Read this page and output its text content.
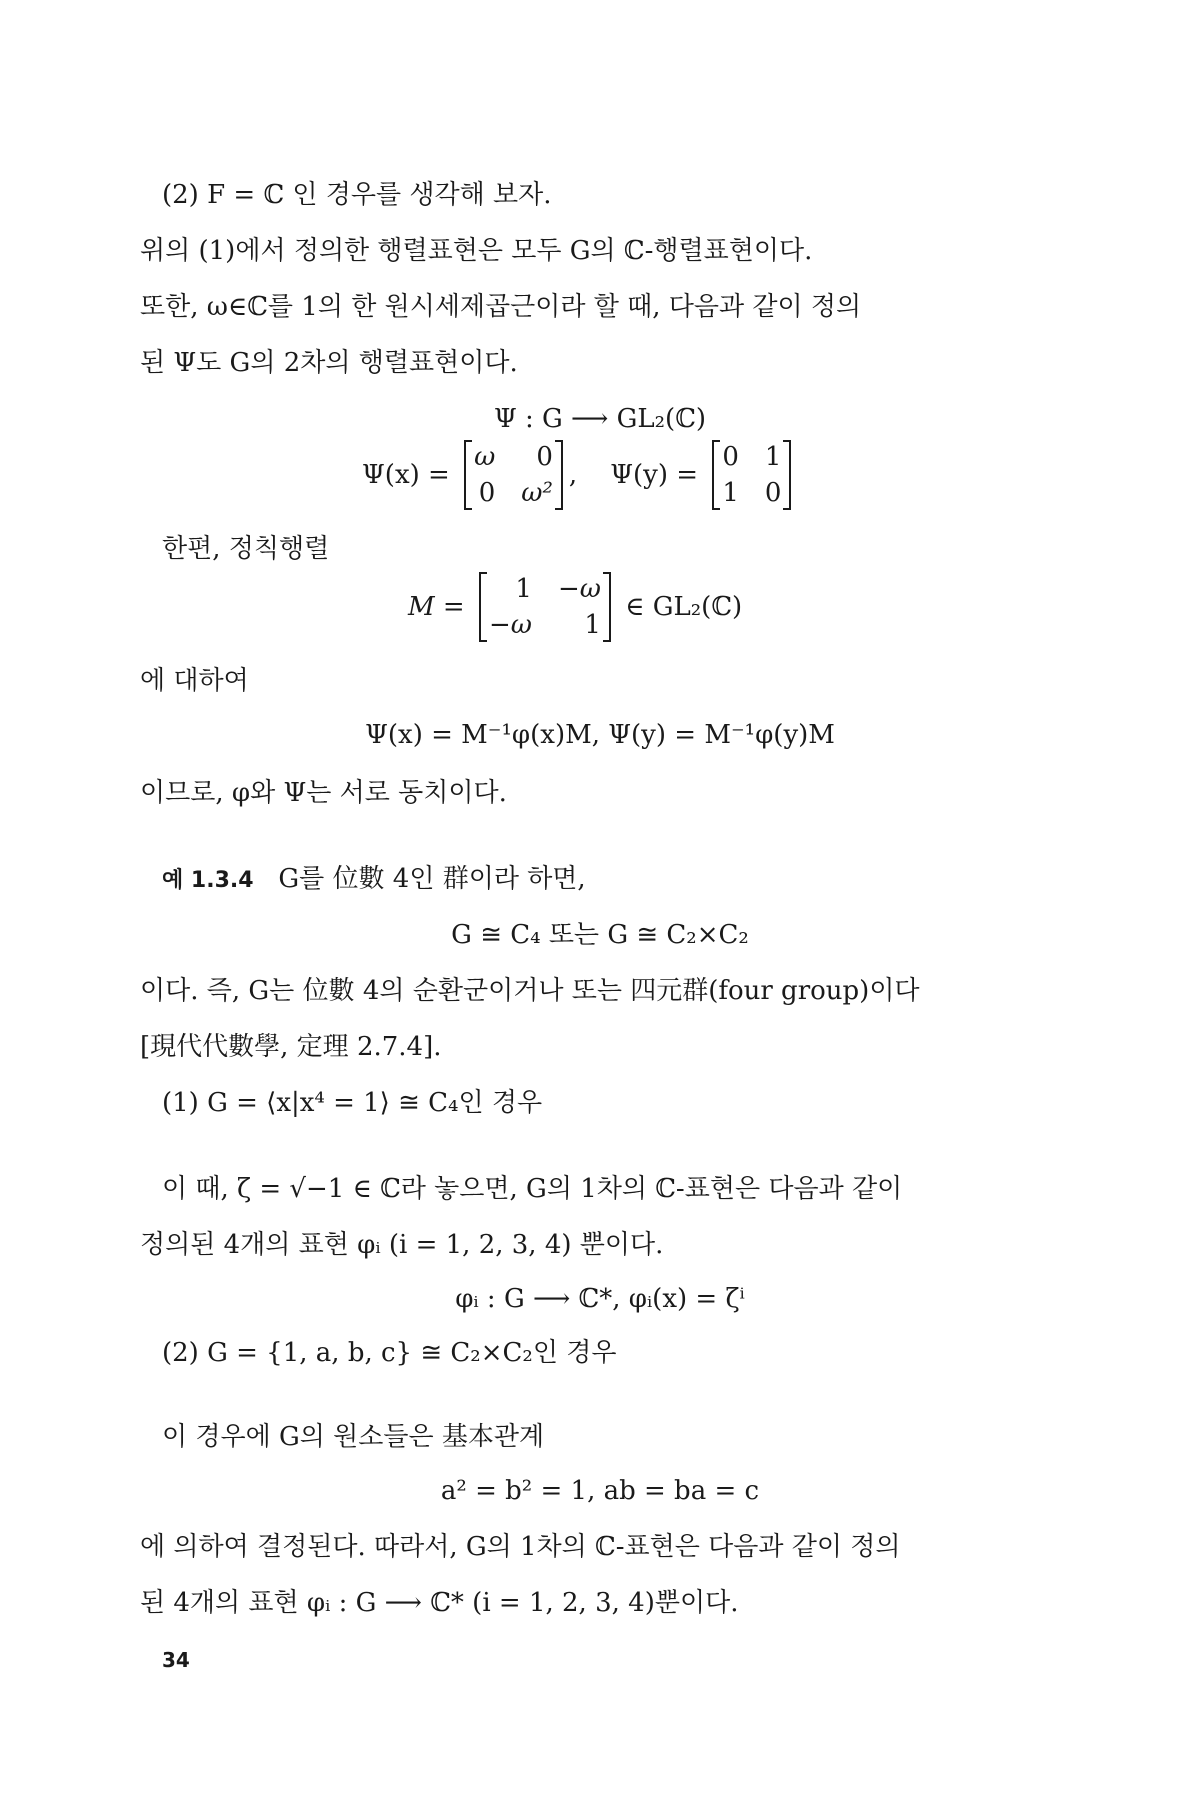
(2) F = ℂ 인 경우를 생각해 보자.
위의 (1)에서 정의한 행렬표현은 모두 G의 ℂ-행렬표현이다.
또한, ω∈ℂ를 1의 한 원시세제곱근이라 할 때, 다음과 같이 정의
된 Ψ도 G의 2차의 행렬표현이다.
Ψ : G ⟶ GL₂(ℂ)
Ψ(x) =
ω	0
0 ω²
,    Ψ(y) =
0 1
1 0
한편, 정칙행렬
M =
1 −ω
−ω	1
∈ GL₂(ℂ)
에 대하여
Ψ(x) = M⁻¹φ(x)M, Ψ(y) = M⁻¹φ(y)M
이므로, φ와 Ψ는 서로 동치이다.
예 1.3.4 G를 位數 4인 群이라 하면,
G ≅ C₄ 또는 G ≅ C₂×C₂
이다. 즉, G는 位數 4의 순환군이거나 또는 四元群(four group)이다
[現代代數學, 定理 2.7.4].
(1) G = ⟨x|x⁴ = 1⟩ ≅ C₄인 경우
이 때, ζ = √−1 ∈ ℂ라 놓으면, G의 1차의 ℂ-표현은 다음과 같이
정의된 4개의 표현 φᵢ (i = 1, 2, 3, 4) 뿐이다.
φᵢ : G ⟶ ℂ*, φᵢ(x) = ζⁱ
(2) G = {1, a, b, c} ≅ C₂×C₂인 경우
이 경우에 G의 원소들은 基本관계
a² = b² = 1, ab = ba = c
에 의하여 결정된다. 따라서, G의 1차의 ℂ-표현은 다음과 같이 정의
된 4개의 표현 φᵢ : G ⟶ ℂ* (i = 1, 2, 3, 4)뿐이다.
34
